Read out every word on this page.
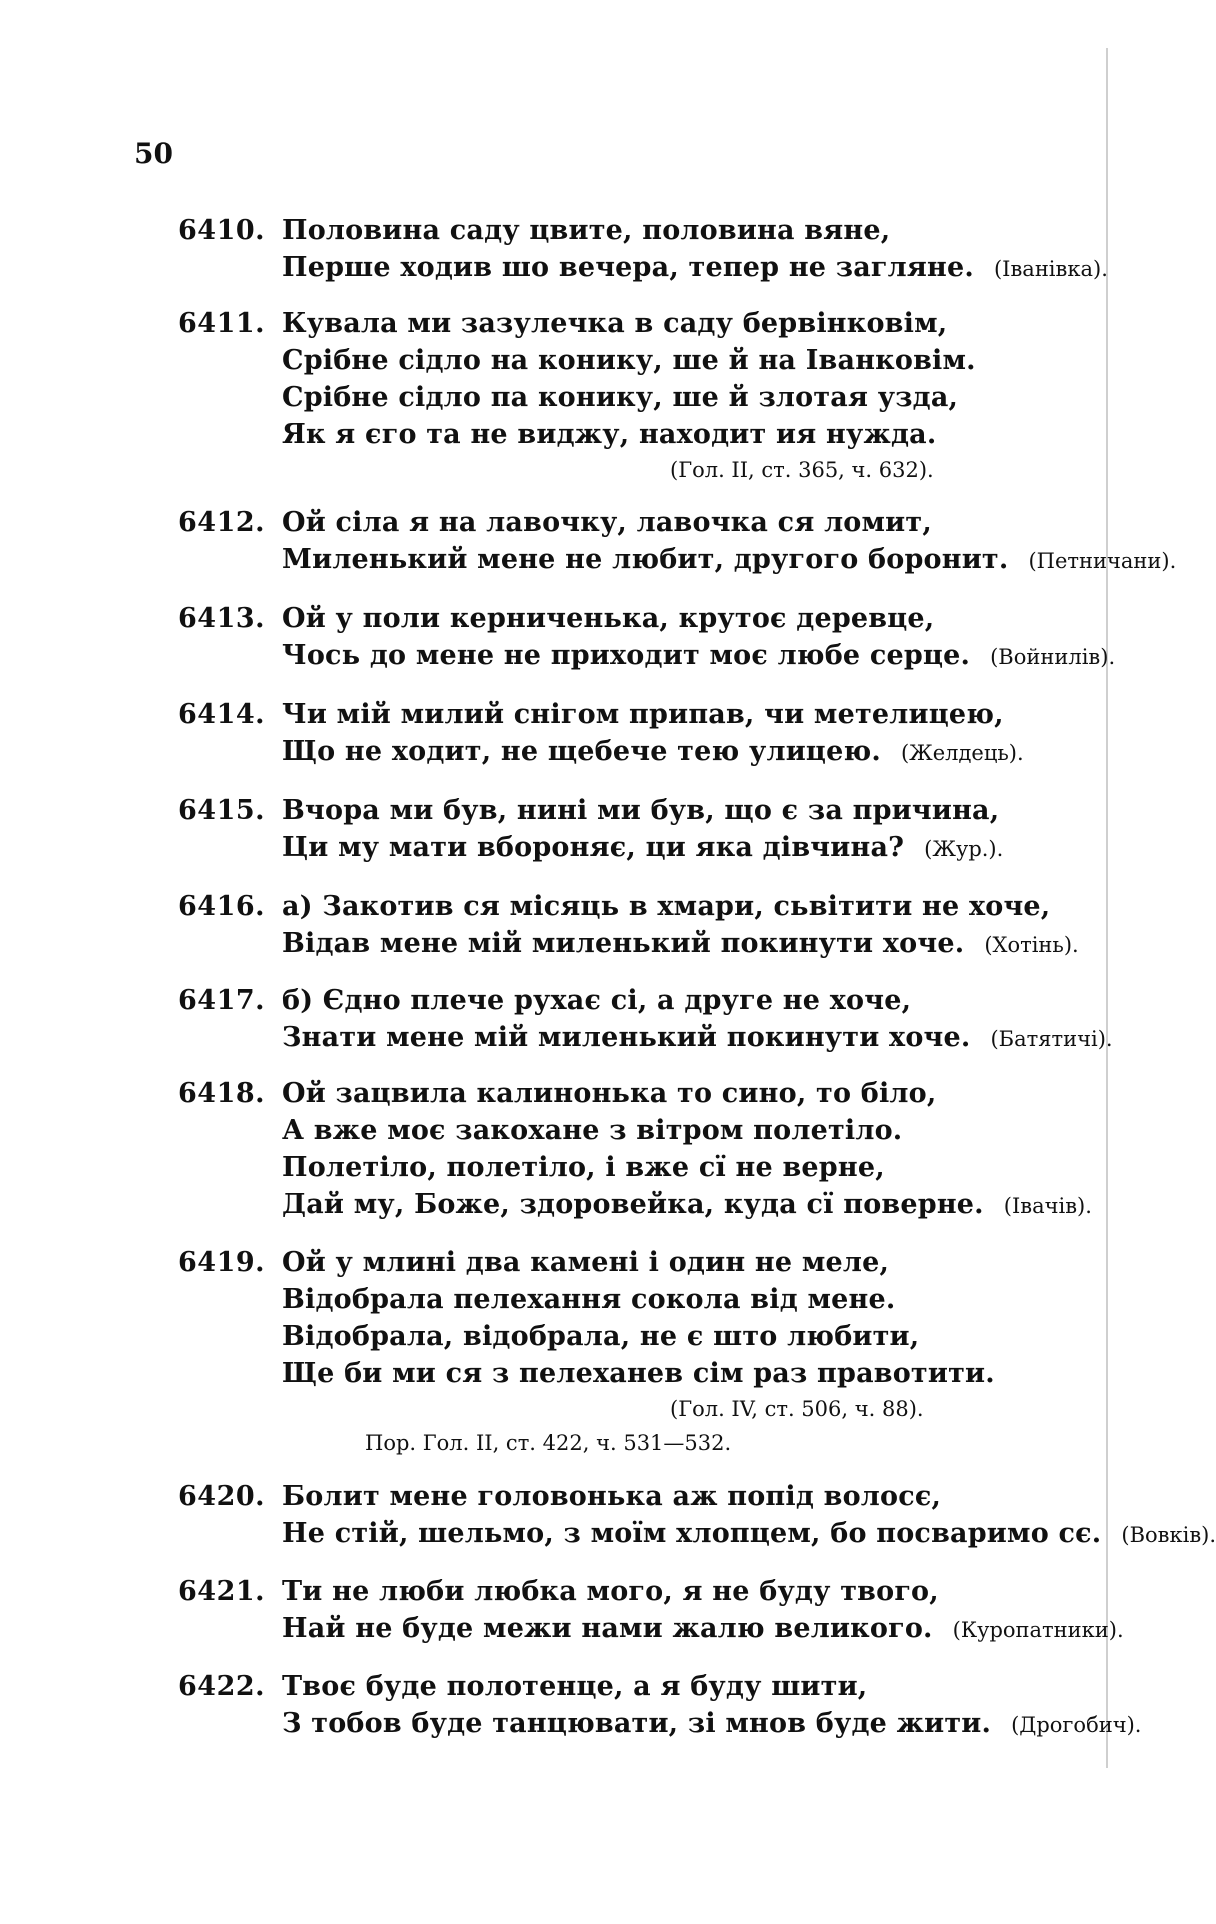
50
6410. Половина саду цвите, половина вяне,
Перше ходив шо вечера, тепер не загляне. (Іванівка).
6411. Кувала ми зазулечка в саду бервінковім,
Срібне сідло на конику, ше й на Іванковім.
Срібне сідло па конику, ше й злотая узда,
Як я єго та не виджу, находит ия нужда.
(Гол. II, ст. 365, ч. 632).
6412. Ой сіла я на лавочку, лавочка ся ломит,
Миленький мене не любит, другого боронит. (Петничани).
6413. Ой у поли керниченька, крутоє деревце,
Чось до мене не приходит моє любе серце. (Войнилів).
6414. Чи мій милий снігом припав, чи метелицею,
Що не ходит, не щебече тею улицею. (Желдець).
6415. Вчора ми був, нині ми був, що є за причина,
Ци му мати вбороняє, ци яка дівчина? (Жур.).
6416. а) Закотив ся місяць в хмари, сьвітити не хоче,
Відав мене мій миленький покинути хоче. (Хотінь).
6417. б) Єдно плече рухає сі, а друге не хоче,
Знати мене мій миленький покинути хоче. (Батятичі).
6418. Ой зацвила калинонька то сино, то біло,
А вже моє закохане з вітром полетіло.
Полетіло, полетіло, і вже сї не верне,
Дай му, Боже, здоровейка, куда сї поверне. (Івачів).
6419. Ой у млині два камені і один не меле,
Відобрала пелехання сокола від мене.
Відобрала, відобрала, не є што любити,
Ще би ми ся з пелеханев сім раз правотити.
(Гол. IV, ст. 506, ч. 88).
Пор. Гол. II, ст. 422, ч. 531—532.
6420. Болит мене головонька аж попід волосє,
Не стій, шельмо, з моїм хлопцем, бо посваримо сє. (Вовків).
6421. Ти не люби любка мого, я не буду твого,
Най не буде межи нами жалю великого. (Куропатники).
6422. Твоє буде полотенце, а я буду шити,
З тобов буде танцювати, зі мнов буде жити. (Дрогобич).
